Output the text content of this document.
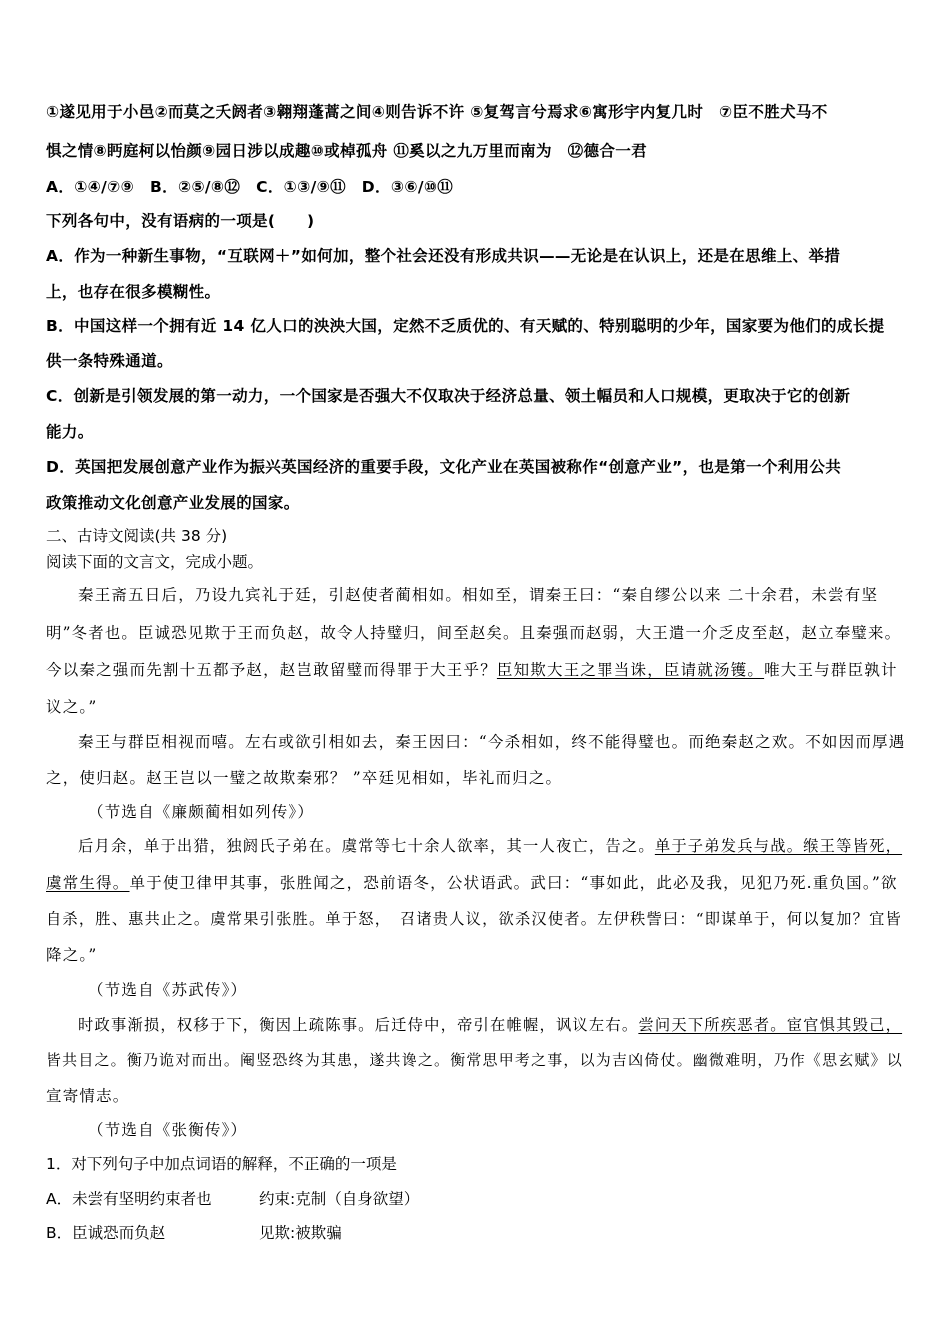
①遂见用于小邑②而莫之夭阏者③翱翔蓬蒿之间④则告诉不许 ⑤复驾言兮焉求⑥寓形宇内复几时　⑦臣不胜犬马不
惧之情⑧眄庭柯以怡颜⑨园日涉以成趣⑩或棹孤舟 ⑪奚以之九万里而南为　⑫德合一君
A．①④/⑦⑨　B．②⑤/⑧⑫　C．①③/⑨⑪　D．③⑥/⑩⑪
下列各句中，没有语病的一项是(　　)
A．作为一种新生事物，“互联网＋”如何加，整个社会还没有形成共识——无论是在认识上，还是在思维上、举措
上，也存在很多模糊性。
B．中国这样一个拥有近 14 亿人口的泱泱大国，定然不乏质优的、有天赋的、特别聪明的少年，国家要为他们的成长提
供一条特殊通道。
C．创新是引领发展的第一动力，一个国家是否强大不仅取决于经济总量、领土幅员和人口规模，更取决于它的创新
能力。
D．英国把发展创意产业作为振兴英国经济的重要手段，文化产业在英国被称作“创意产业”，也是第一个利用公共
政策推动文化创意产业发展的国家。
二、古诗文阅读(共 38 分)
阅读下面的文言文，完成小题。
秦王斋五日后，乃设九宾礼于廷，引赵使者蔺相如。相如至，谓秦王曰：“秦自缪公以来 二十余君，未尝有坚
明”冬者也。臣诚恐见欺于王而负赵，故令人持璧归，间至赵矣。且秦强而赵弱，大王遣一介乏皮至赵，赵立奉璧来。
今以秦之强而先割十五都予赵，赵岂敢留璧而得罪于大王乎？臣知欺大王之罪当诛，臣请就汤镬。唯大王与群臣孰计
议之。”
秦王与群臣相视而嘻。左右或欲引相如去，秦王因曰：“今杀相如，终不能得璧也。而绝秦赵之欢。不如因而厚遇
之，使归赵。赵王岂以一璧之故欺秦邪？ ”卒廷见相如，毕礼而归之。
（节选自《廉颇蔺相如列传》）
后月余，单于出猎，独阏氏子弟在。虞常等七十余人欲率，其一人夜亡，告之。单于子弟发兵与战。缑王等皆死，
虞常生得。单于使卫律甲其事，张胜闻之，恐前语冬，公状语武。武曰：“事如此，此必及我，见犯乃死.重负国。”欲
自杀，胜、惠共止之。虞常果引张胜。单于怒，　召诸贵人议，欲杀汉使者。左伊秩訾曰：“即谋单于，何以复加？宜皆
降之。”
（节选自《苏武传》）
时政事渐损，权移于下，衡因上疏陈事。后迁侍中，帝引在帷幄，讽议左右。尝问天下所疾恶者。宦官惧其毁己，
皆共目之。衡乃诡对而出。阉竖恐终为其患，遂共谗之。衡常思甲考之事，以为吉凶倚仗。幽微难明，乃作《思玄赋》以
宣寄情志。
（节选自《张衡传》）
1．对下列句子中加点词语的解释，不正确的一项是
A．未尝有坚明约束者也	约束:克制（自身欲望）
B．臣诚恐而负赵	见欺:被欺骗
